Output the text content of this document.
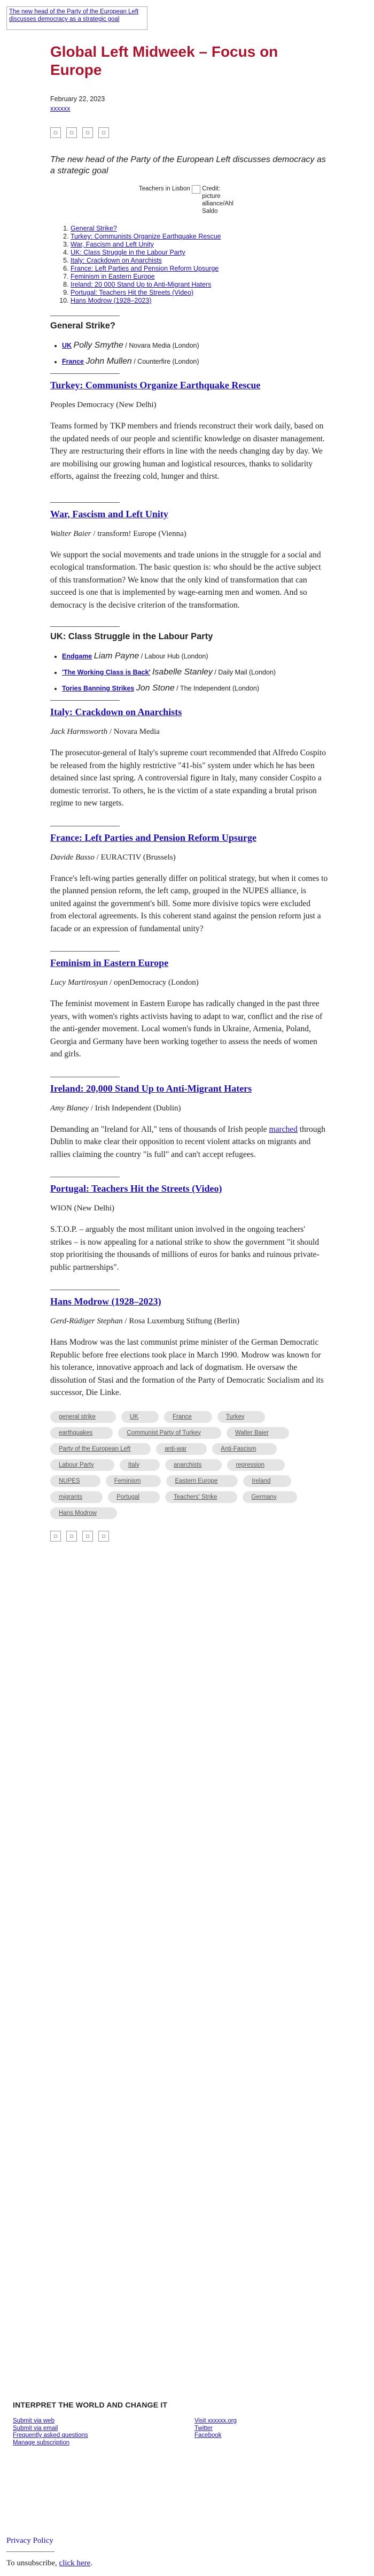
The new head of the Party of the European Left discusses democracy as a strategic goal
Global Left Midweek – Focus on Europe
February 22, 2023
xxxxxx
▫	▫	▫	▫
The new head of the Party of the European Left discusses democracy as a strategic goal
Teachers in Lisbon Credit: picture alliance/Ahl Saldo
1. General Strike?
2. Turkey: Communists Organize Earthquake Rescue
3. War, Fascism and Left Unity
4. UK: Class Struggle in the Labour Party
5. Italy: Crackdown on Anarchists
6. France: Left Parties and Pension Reform Upsurge
7. Feminism in Eastern Europe
8. Ireland: 20 000 Stand Up to Anti-Migrant Haters
9. Portugal: Teachers Hit the Streets (Video)
10. Hans Modrow (1928–2023)
General Strike?
• UK Polly Smythe / Novara Media (London)
• France John Mullen / Counterfire (London)
Turkey: Communists Organize Earthquake Rescue
Peoples Democracy (New Delhi)
Teams formed by TKP members and friends reconstruct their work daily, based on the updated needs of our people and scientific knowledge on disaster management. They are restructuring their efforts in line with the needs changing day by day. We are mobilising our growing human and logistical resources, thanks to solidarity efforts, against the freezing cold, hunger and thirst.
War, Fascism and Left Unity
Walter Baier / transform! Europe (Vienna)
We support the social movements and trade unions in the struggle for a social and ecological transformation. The basic question is: who should be the active subject of this transformation? We know that the only kind of transformation that can succeed is one that is implemented by wage-earning men and women. And so democracy is the decisive criterion of the transformation.
UK: Class Struggle in the Labour Party
• Endgame Liam Payne / Labour Hub (London)
• 'The Working Class is Back' Isabelle Stanley / Daily Mail (London)
• Tories Banning Strikes Jon Stone / The Independent (London)
Italy: Crackdown on Anarchists
Jack Harmsworth / Novara Media
The prosecutor-general of Italy's supreme court recommended that Alfredo Cospito be released from the highly restrictive "41-bis" system under which he has been detained since last spring. A controversial figure in Italy, many consider Cospito a domestic terrorist. To others, he is the victim of a state expanding a brutal prison regime to new targets.
France: Left Parties and Pension Reform Upsurge
Davide Basso / EURACTIV (Brussels)
France's left-wing parties generally differ on political strategy, but when it comes to the planned pension reform, the left camp, grouped in the NUPES alliance, is united against the government's bill. Some more divisive topics were excluded from electoral agreements. Is this coherent stand against the pension reform just a facade or an expression of fundamental unity?
Feminism in Eastern Europe
Lucy Martirosyan / openDemocracy (London)
The feminist movement in Eastern Europe has radically changed in the past three years, with women's rights activists having to adapt to war, conflict and the rise of the anti-gender movement. Local women's funds in Ukraine, Armenia, Poland, Georgia and Germany have been working together to assess the needs of women and girls.
Ireland: 20,000 Stand Up to Anti-Migrant Haters
Amy Blaney / Irish Independent (Dublin)
Demanding an "Ireland for All," tens of thousands of Irish people marched through Dublin to make clear their opposition to recent violent attacks on migrants and rallies claiming the country "is full" and can't accept refugees.
Portugal: Teachers Hit the Streets (Video)
WION (New Delhi)
S.T.O.P. – arguably the most militant union involved in the ongoing teachers' strikes – is now appealing for a national strike to show the government "it should stop prioritising the thousands of millions of euros for banks and ruinous private-public partnerships".
Hans Modrow (1928–2023)
Gerd-Rüdiger Stephan / Rosa Luxemburg Stiftung (Berlin)
Hans Modrow was the last communist prime minister of the German Democratic Republic before free elections took place in March 1990. Modrow was known for his tolerance, innovative approach and lack of dogmatism. He oversaw the dissolution of Stasi and the formation of the Party of Democratic Socialism and its successor, Die Linke.
general strike	UK	France	Turkey
earthquakes	Communist Party of Turkey	Walter Baier
Party of the European Left	anti-war	Anti-Fascism
Labour Party	Italy	anarchists	repression
NUPES	Feminism	Eastern Europe	Ireland
migrants	Portugal	Teachers' Strike	Germany
Hans Modrow
▫	▫	▫	▫
INTERPRET THE WORLD AND CHANGE IT
Submit via web
Submit via email
Frequently asked questions
Manage subscription
Visit xxxxxx.org
Twitter
Facebook
Privacy Policy
To unsubscribe, click here.
